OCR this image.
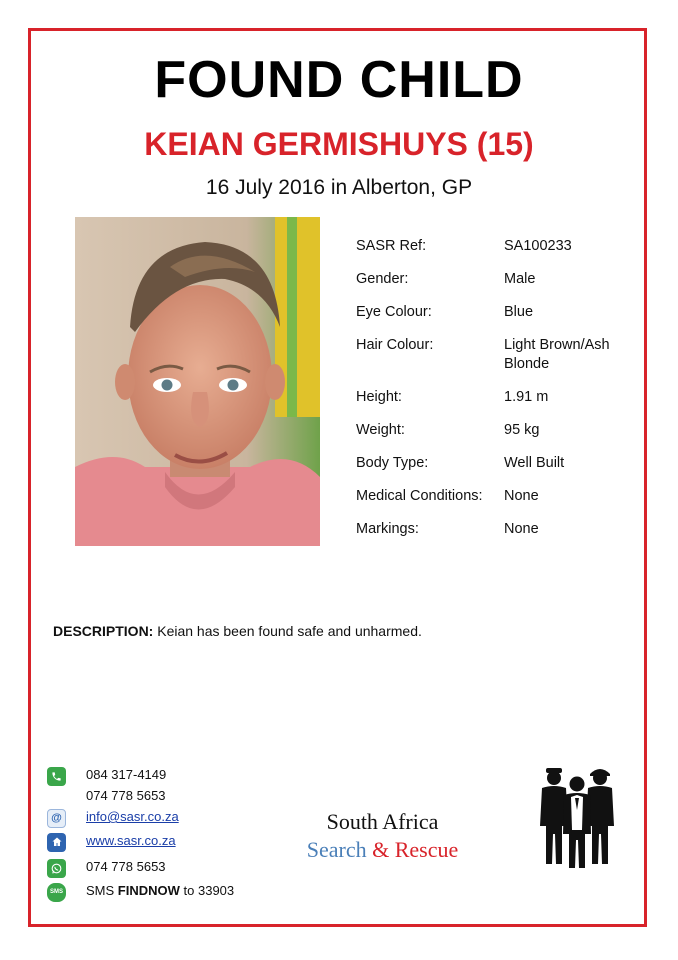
FOUND CHILD
KEIAN GERMISHUYS (15)
16 July 2016 in Alberton, GP
SASR Ref:	SA100233
Gender:	Male
Eye Colour:	Blue
Hair Colour:	Light Brown/Ash Blonde
Height:	1.91 m
Weight:	95 kg
Body Type:	Well Built
Medical Conditions:	None
Markings:	None
DESCRIPTION: Keian has been found safe and unharmed.
084 317-4149
074 778 5653
@	info@sasr.co.za
www.sasr.co.za
074 778 5653
SMS SMS FINDNOW to 33903
South Africa
Search & Rescue
